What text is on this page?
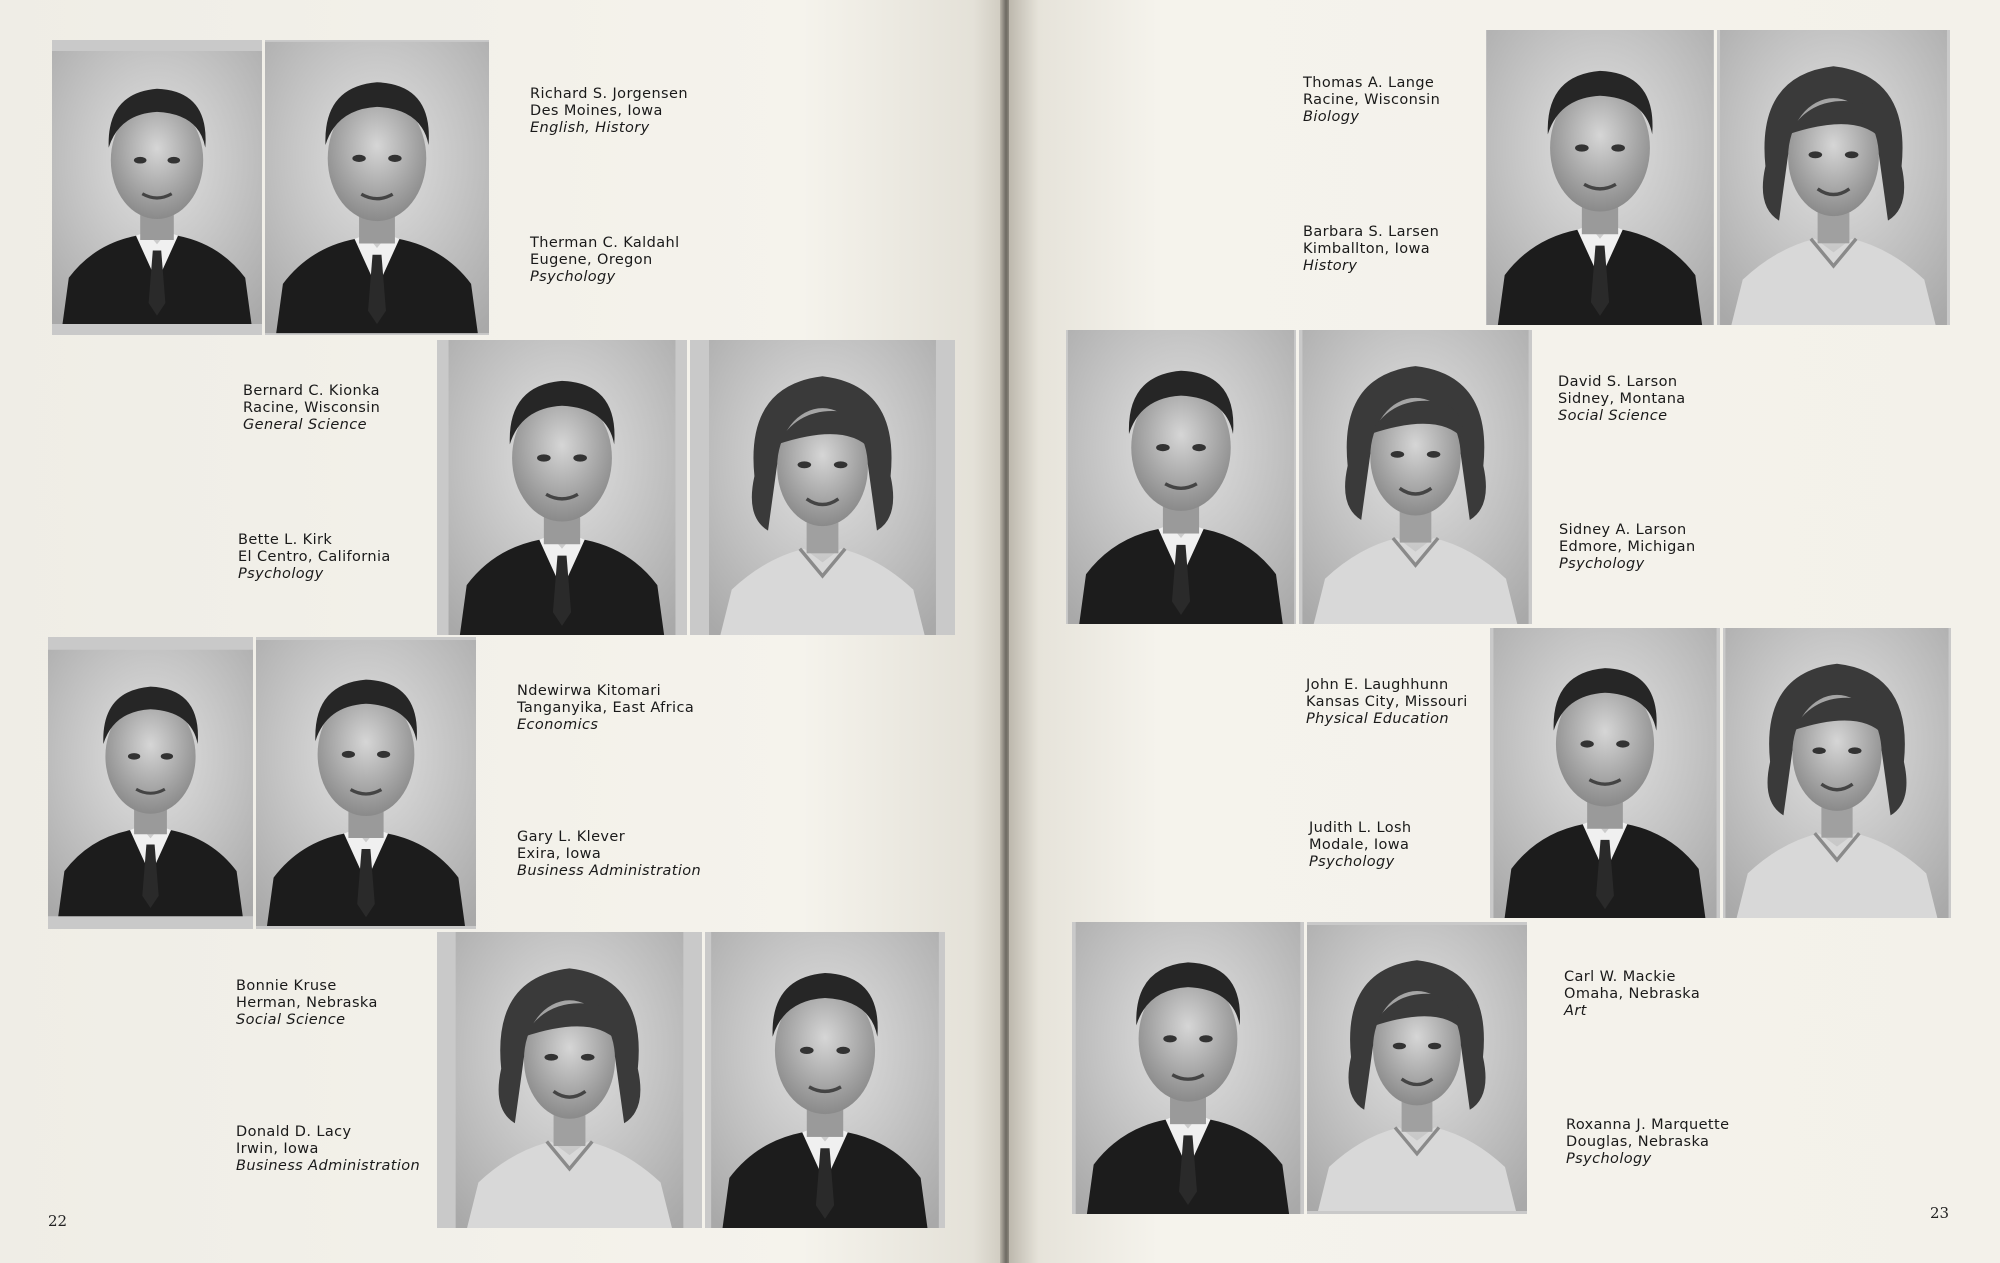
Richard S. Jorgensen
Des Moines, Iowa
English, History
Therman C. Kaldahl
Eugene, Oregon
Psychology
Bernard C. Kionka
Racine, Wisconsin
General Science
Bette L. Kirk
El Centro, California
Psychology
Ndewirwa Kitomari
Tanganyika, East Africa
Economics
Gary L. Klever
Exira, Iowa
Business Administration
Bonnie Kruse
Herman, Nebraska
Social Science
Donald D. Lacy
Irwin, Iowa
Business Administration
22
Thomas A. Lange
Racine, Wisconsin
Biology
Barbara S. Larsen
Kimballton, Iowa
History
David S. Larson
Sidney, Montana
Social Science
Sidney A. Larson
Edmore, Michigan
Psychology
John E. Laughhunn
Kansas City, Missouri
Physical Education
Judith L. Losh
Modale, Iowa
Psychology
Carl W. Mackie
Omaha, Nebraska
Art
Roxanna J. Marquette
Douglas, Nebraska
Psychology
23
